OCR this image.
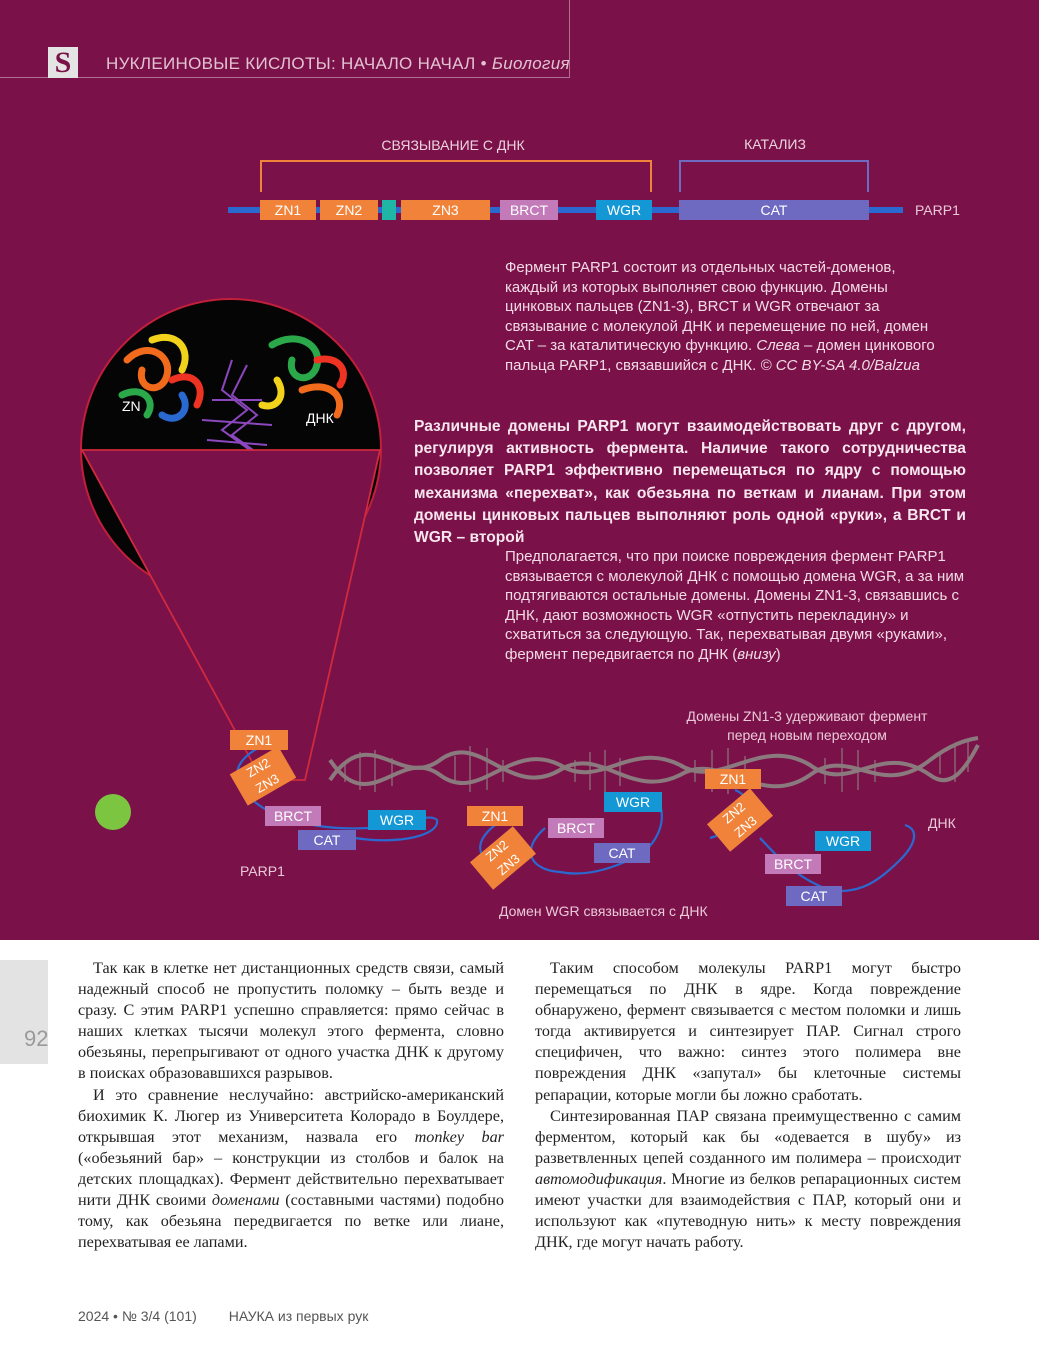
S	НУКЛЕИНОВЫЕ КИСЛОТЫ: НАЧАЛО НАЧАЛ • Биология
СВЯЗЫВАНИЕ С ДНК	КАТАЛИЗ
ZN1	ZN2	ZN3	BRCT	WGR	CAT	PARP1
Фермент PARP1 состоит из отдельных частей-доменов, каждый из которых выполняет свою функцию. Домены цинковых пальцев (ZN1-3), BRCT и WGR отвечают за связывание с молекулой ДНК и перемещение по ней, домен CAT – за каталитическую функцию. Слева – домен цинкового пальца PARP1, связавшийся с ДНК. © CC BY-SA 4.0/Balzua
ZN
ДНК	Различные домены PARP1 могут взаимодействовать друг с другом, регулируя активность фермента. Наличие такого сотрудничества позволяет PARP1 эффективно перемещаться по ядру с помощью механизма «перехват», как обезьяна по веткам и лианам. При этом домены цинковых пальцев выполняют роль одной «руки», а BRCT и WGR – второй
Предполагается, что при поиске повреждения фермент PARP1 связывается с молекулой ДНК с помощью домена WGR, а за ним подтягиваются остальные домены. Домены ZN1-3, связавшись с ДНК, дают возможность WGR «отпустить перекладину» и схватиться за следующую. Так, перехватывая двумя «руками», фермент передвигается по ДНК (внизу)
ZN1
ZN2
ZN3
BRCT
CAT
WGR
PARP1
ZN1
ZN2
ZN3
BRCT
WGR
CAT
ZN1
ZN2
ZN3
WGR
BRCT
CAT
Домены ZN1-3 удерживают фермент
перед новым переходом
ДНК
Домен WGR связывается с ДНК
92

Так как в клетке нет дистанционных средств связи, самый надежный способ не пропустить поломку – быть везде и сразу. С этим PARP1 успешно справляется: прямо сейчас в наших клетках тысячи молекул этого фермента, словно обезьяны, перепрыгивают от одного участка ДНК к другому в поисках образовавшихся разрывов.

И это сравнение неслучайно: австрийско-американский биохимик К. Люгер из Университета Колорадо в Боулдере, открывшая этот механизм, назвала его monkey bar («обезьяний бар» – конструкции из столбов и балок на детских площадках). Фермент действительно перехватывает нити ДНК своими доменами (составными частями) подобно тому, как обезьяна передвигается по ветке или лиане, перехватывая ее лапами.

Таким способом молекулы PARP1 могут быстро перемещаться по ДНК в ядре. Когда повреждение обнаружено, фермент связывается с местом поломки и лишь тогда активируется и синтезирует ПАР. Сигнал строго специфичен, что важно: синтез этого полимера вне повреждения ДНК «запутал» бы клеточные системы репарации, которые могли бы ложно сработать.

Синтезированная ПАР связана преимущественно с самим ферментом, который как бы «одевается в шубу» из разветвленных цепей созданного им полимера – происходит автомодификация. Многие из белков репарационных систем имеют участки для взаимодействия с ПАР, который они и используют как «путеводную нить» к месту повреждения ДНК, где могут начать работу.

2024 • № 3/4 (101) НАУКА из первых рук
